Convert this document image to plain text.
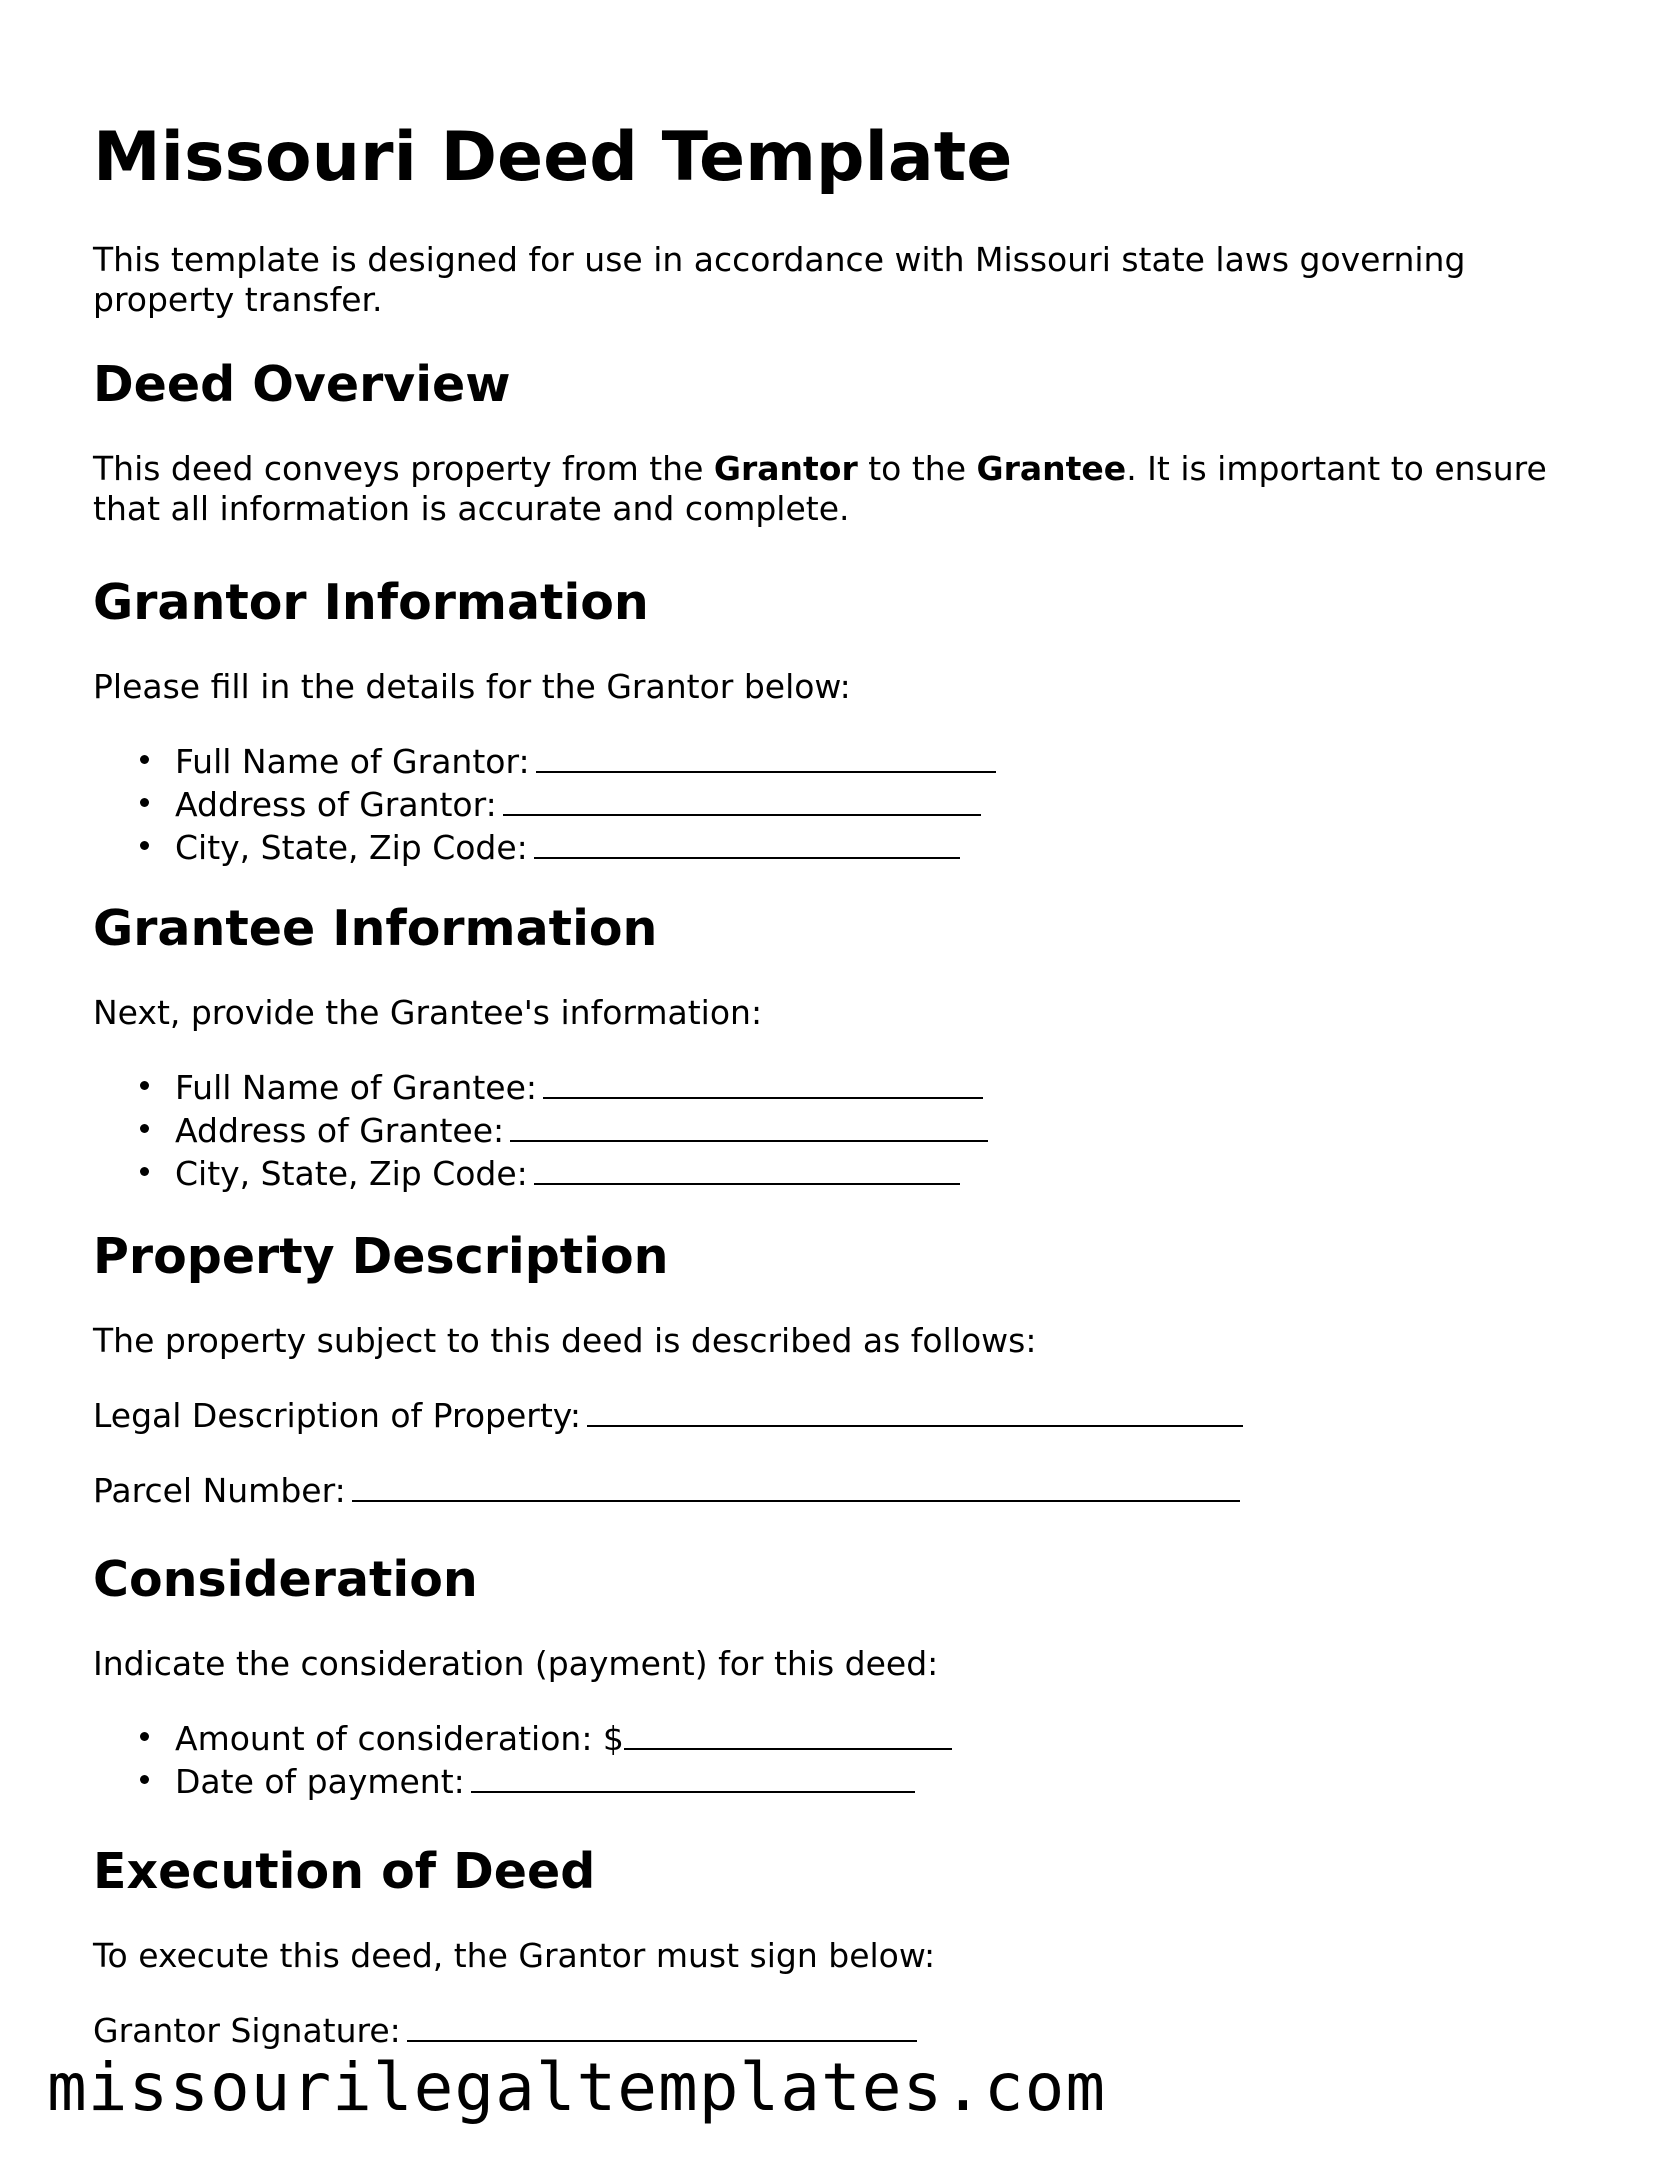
Missouri Deed Template

This template is designed for use in accordance with Missouri state laws governing property transfer.

Deed Overview

This deed conveys property from the Grantor to the Grantee. It is important to ensure that all information is accurate and complete.

Grantor Information

Please fill in the details for the Grantor below:

Full Name of Grantor:
Address of Grantor:
City, State, Zip Code:
Grantee Information

Next, provide the Grantee's information:

Full Name of Grantee:
Address of Grantee:
City, State, Zip Code:
Property Description

The property subject to this deed is described as follows:

Legal Description of Property:

Parcel Number:

Consideration

Indicate the consideration (payment) for this deed:

Amount of consideration: $
Date of payment:
Execution of Deed

To execute this deed, the Grantor must sign below:

Grantor Signature:

missourilegaltemplates.com
